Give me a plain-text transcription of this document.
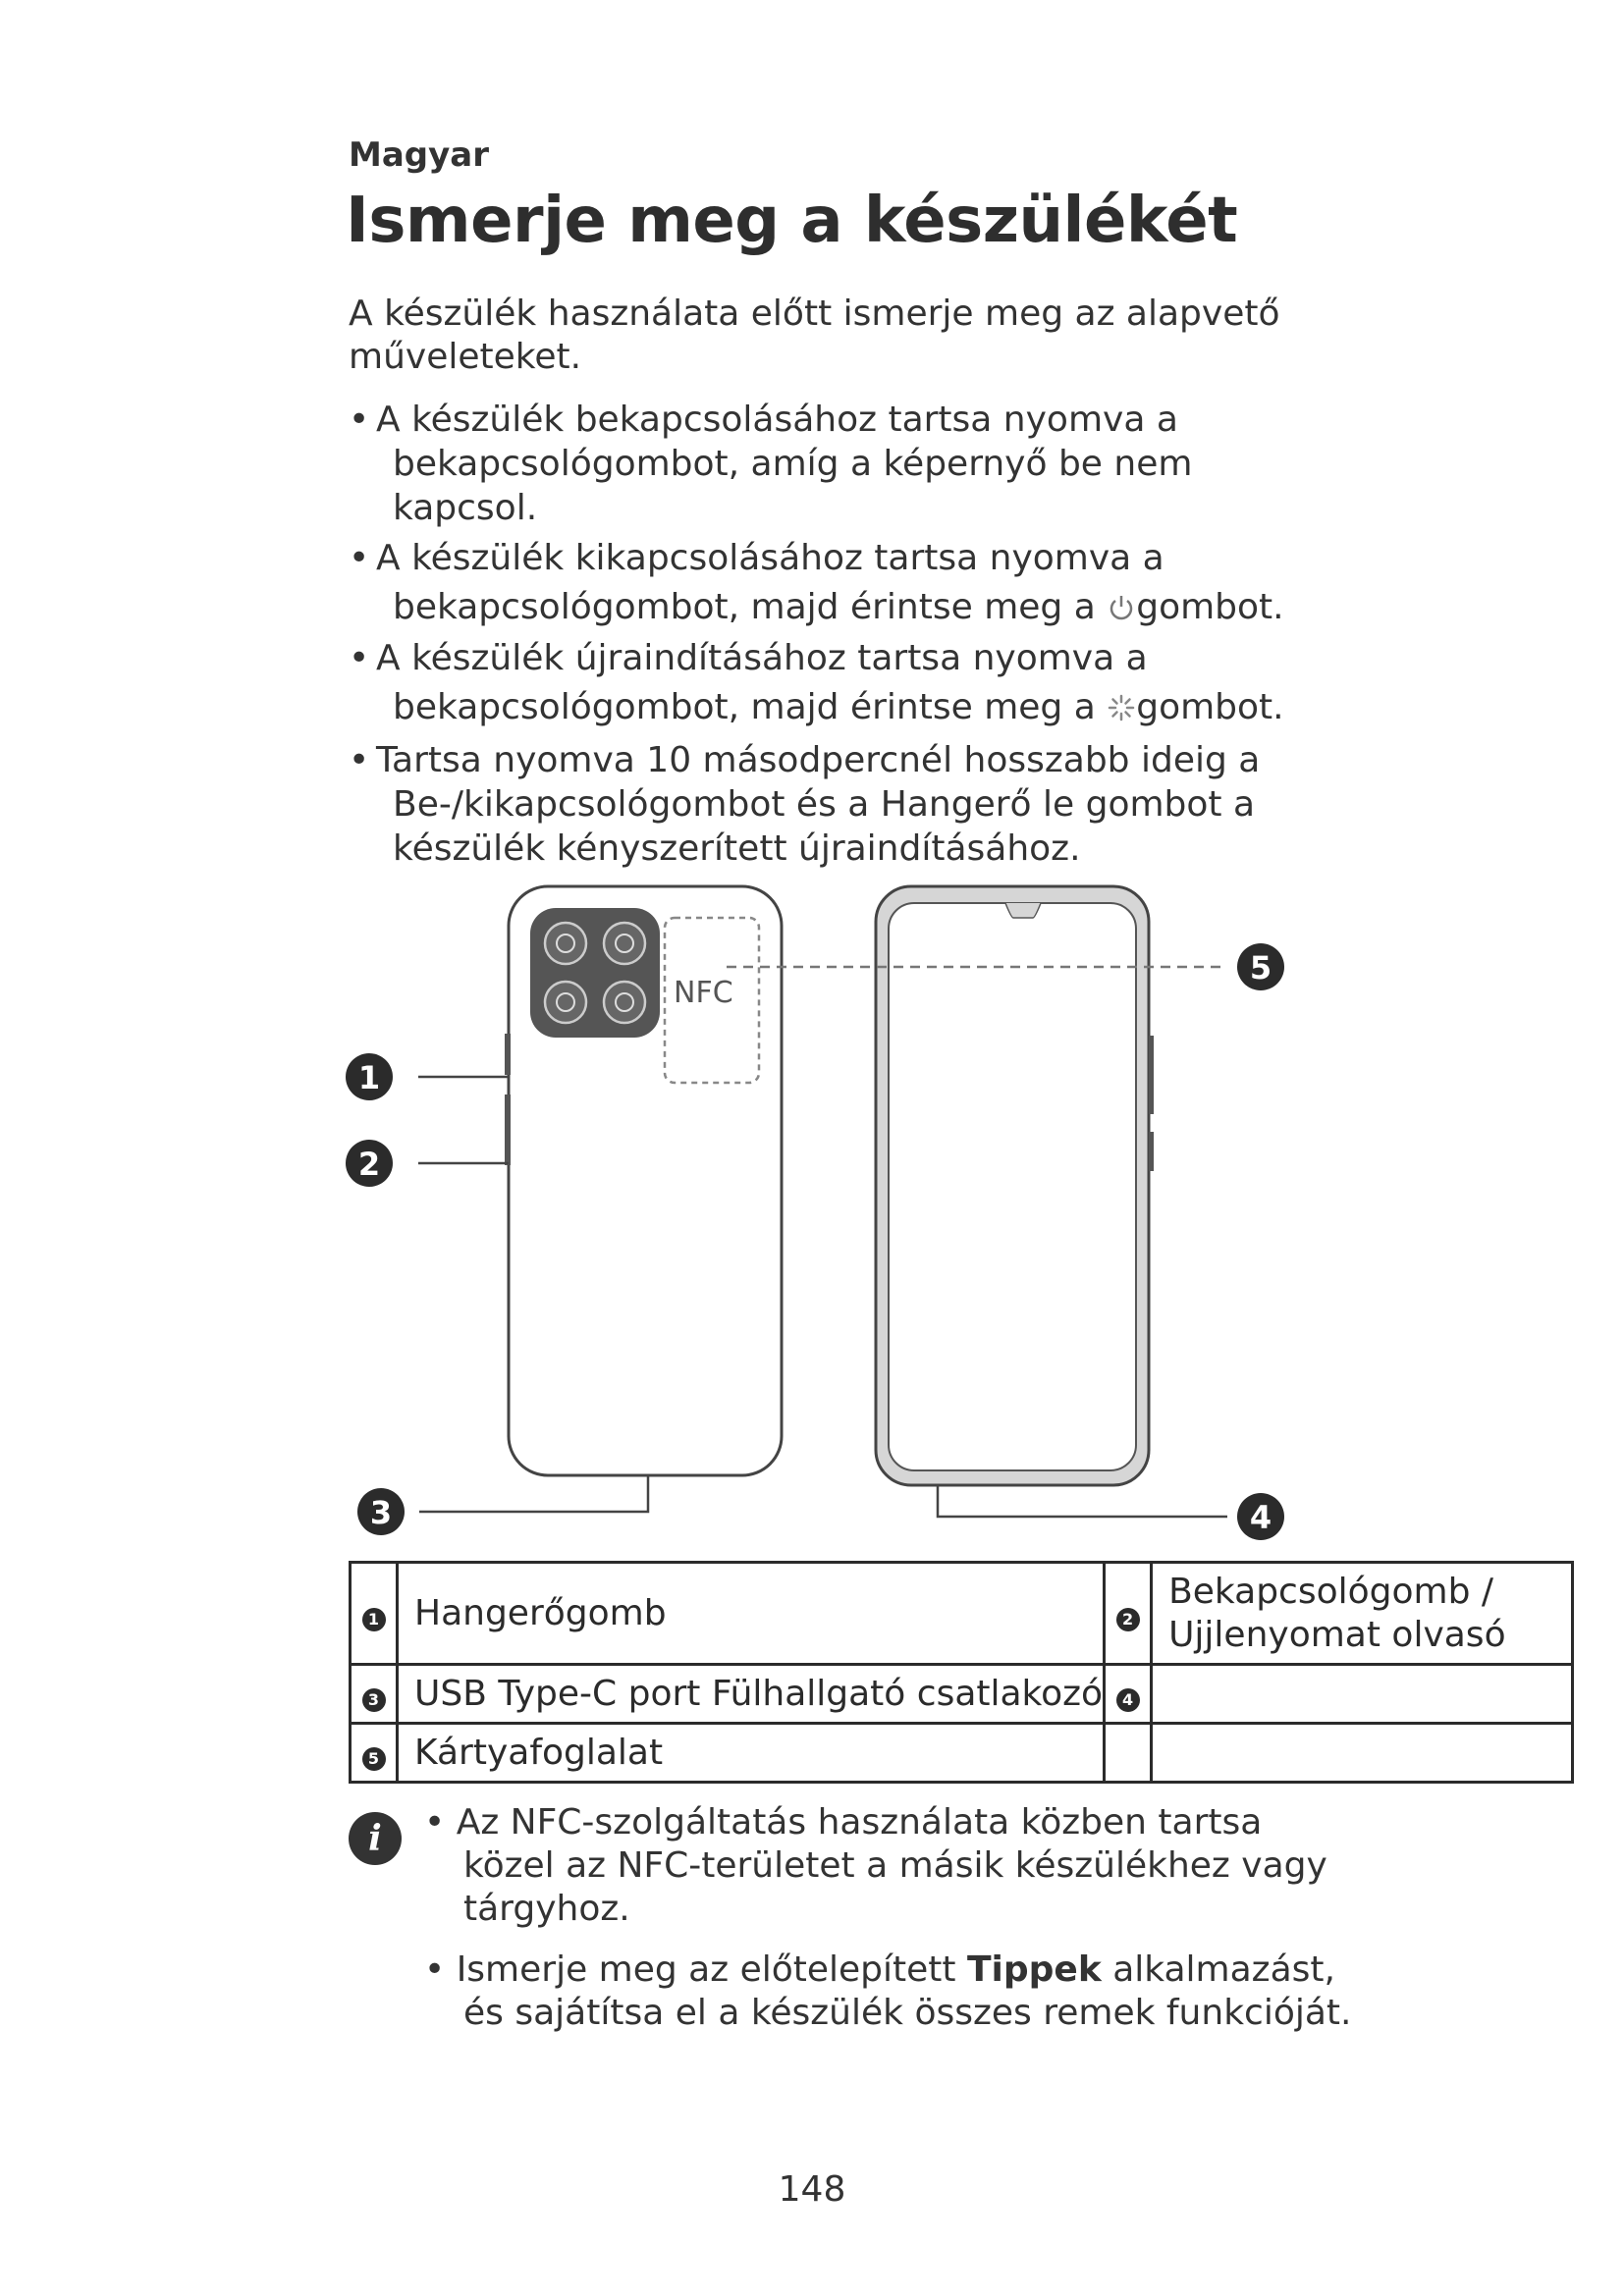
Magyar
Ismerje meg a készülékét
A készülék használata előtt ismerje meg az alapvető
műveleteket.
• A készülék bekapcsolásához tartsa nyomva a
bekapcsológombot, amíg a képernyő be nem
kapcsol.
• A készülék kikapcsolásához tartsa nyomva a
bekapcsológombot, majd érintse meg a gombot.
• A készülék újraindításához tartsa nyomva a
bekapcsológombot, majd érintse meg a gombot.
• Tartsa nyomva 10 másodpercnél hosszabb ideig a
Be-/kikapcsológombot és a Hangerő le gombot a
készülék kényszerített újraindításához.
NFC
1
2
3	4
5
1	Hangerőgomb	2	Bekapcsológomb /
Ujjlenyomat olvasó

3	USB Type-C port Fülhallgató csatlakozó	4	
5	Kártyafoglalat		
i	• Az NFC-szolgáltatás használata közben tartsa
közel az NFC-területet a másik készülékhez vagy
tárgyhoz.
• Ismerje meg az előtelepített Tippek alkalmazást,
és sajátítsa el a készülék összes remek funkcióját.
148
